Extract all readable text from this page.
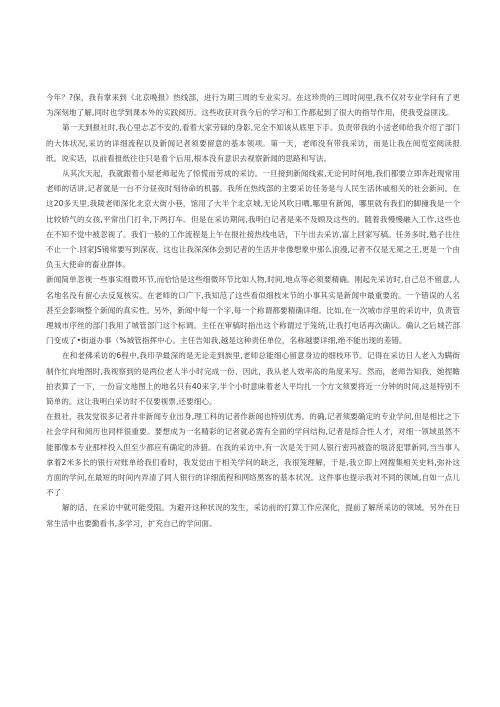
今年？?保，我有掌来到《北京晚报》热线部，进行为期三周的专业实习。在这珍贵的三周时间里,我不仅对专业学问有了更为深刻地了解,同时也学到课本外的实践阅历。这些收获对我今后的学习和工作都起到了很大的指导作用，使我受益匪浅。

第一天到报社时,我心里忐忑不安的,看着大家劳碌的身影,完全不知该从底里下手。负责带我的小送老师给我介绍了部门的大体状况,采访的详细流程以及新闻记者须要留意的基本领项。第一天，老师没有带我采访，而是让我在阅览室阅读报纸。说实话，以前看报纸往往只是看个后用,根本没有意识去视察新闻的思路和写法。

从其次天起，我就跟着小屋老师起先了惊慌而劳成的采访。一旦接到新闻线索,无论何时何地,我们都要立即奔赴现常用老师的话讲,记者就是一台不分昼夜时刻待命的机器。我所在热线部的主要采访任务是与人民生活休戚相关的社会新问。在这20多天里,我陵老师深化北京大街小巷，馆用了大半个北京城,无论风吹日晒,哪里有新闻，哪里就有我们的脚撞我是一个比较娇气的女孩,平常出门打伞,下两打车。但是在采访期间,我明白记者是来不及顾及这些的。随着我慢慢融入工作,这些也在不知不觉中被忽视了。我们一般的工作流程是上午在报社接热线电话，下午出去采访,富上回家写稿。任务多时,勉子往往不止一个.回家JS镜常要写到深夜。这也让我深深体会到记者的生活并非像想象中那么浪漫,记者不仅是无冕之王,更是一个由负玉大使命的畜业群体。

新闻简单忽视一些事实细微环节,而恰恰是这些细微环节比如人物,时间,地点等必须要精确。刚起先采访时,自己总不留意,人名地名没有留心去反复核实。在老师的口广下,我知范了这些看似细枝末节的小事其实是新闻中最重要的。一个错误的人名甚至会影响整个新闻的真实性。另外，新闻中每一个字,每一个称谓都要精确详细。比如,在一次城市浮里的采访中，负责管理城市序丝的部门我用了城管部门这个标调。主任在审稿时指出这个称谓过于笼统,让我打电话再次确认。确认之后城芒部门变成了•街道办事（%城管指挥中心。主任告知我,越是这种责任单位，名称越要详细,绝不能出现的差错。

在和老佛采访的6程中,我印孕最深的是无论走到族里,老师总能细心留意身边的细枝环节。记得在采访日人老入为瞒街制作忙向地图时,我视察到的是两位老人半小时完成一份、因此，我从老人效率高的角度来写。然而，老师告知我，她捏瞻拍表算了一下，一份盲文地图上的地名只有40来字,半个小时意味着老人平均扎一个方文须要将近一分钟的时间,这是特别不简单的。这让我明白采访时不仅要视票,还要细心。

在报社，我发觉很多记者并非新闻专业出身,理工科的记者作新闻也特别优秀。的确,记者须要确定的专业学问,但是相比之下社会学问和阅历也同样很重要。要想成为一名精彩的记者就必需有全面的学问结构,记者是综合性人才，对细一领域虽然不能都像本专业那样投入但至少都应有确定的涉猎。在我的采访中,有一次是关于同人银行密玛被盗的圾济犯罪新同,当当事人拿着2米多长的银行对账单给我们看时，我发觉由于相关学问的缺乏，我很笼理解，于是,我立即上网搜集相关史料,弥补这方面的学问,在最短的时间内弄清了同人银行的详细流程和网络黑客的基本状况。这件事也提示我对不同的领域,自如一点儿不了

解的话，在采访中就可能受阻。为避开这种状况的发生，采访前的打算工作应深化，提前了解所采访的领域。另外在日常生活中也要勤看书,多学习，扩充自己的学问面。
